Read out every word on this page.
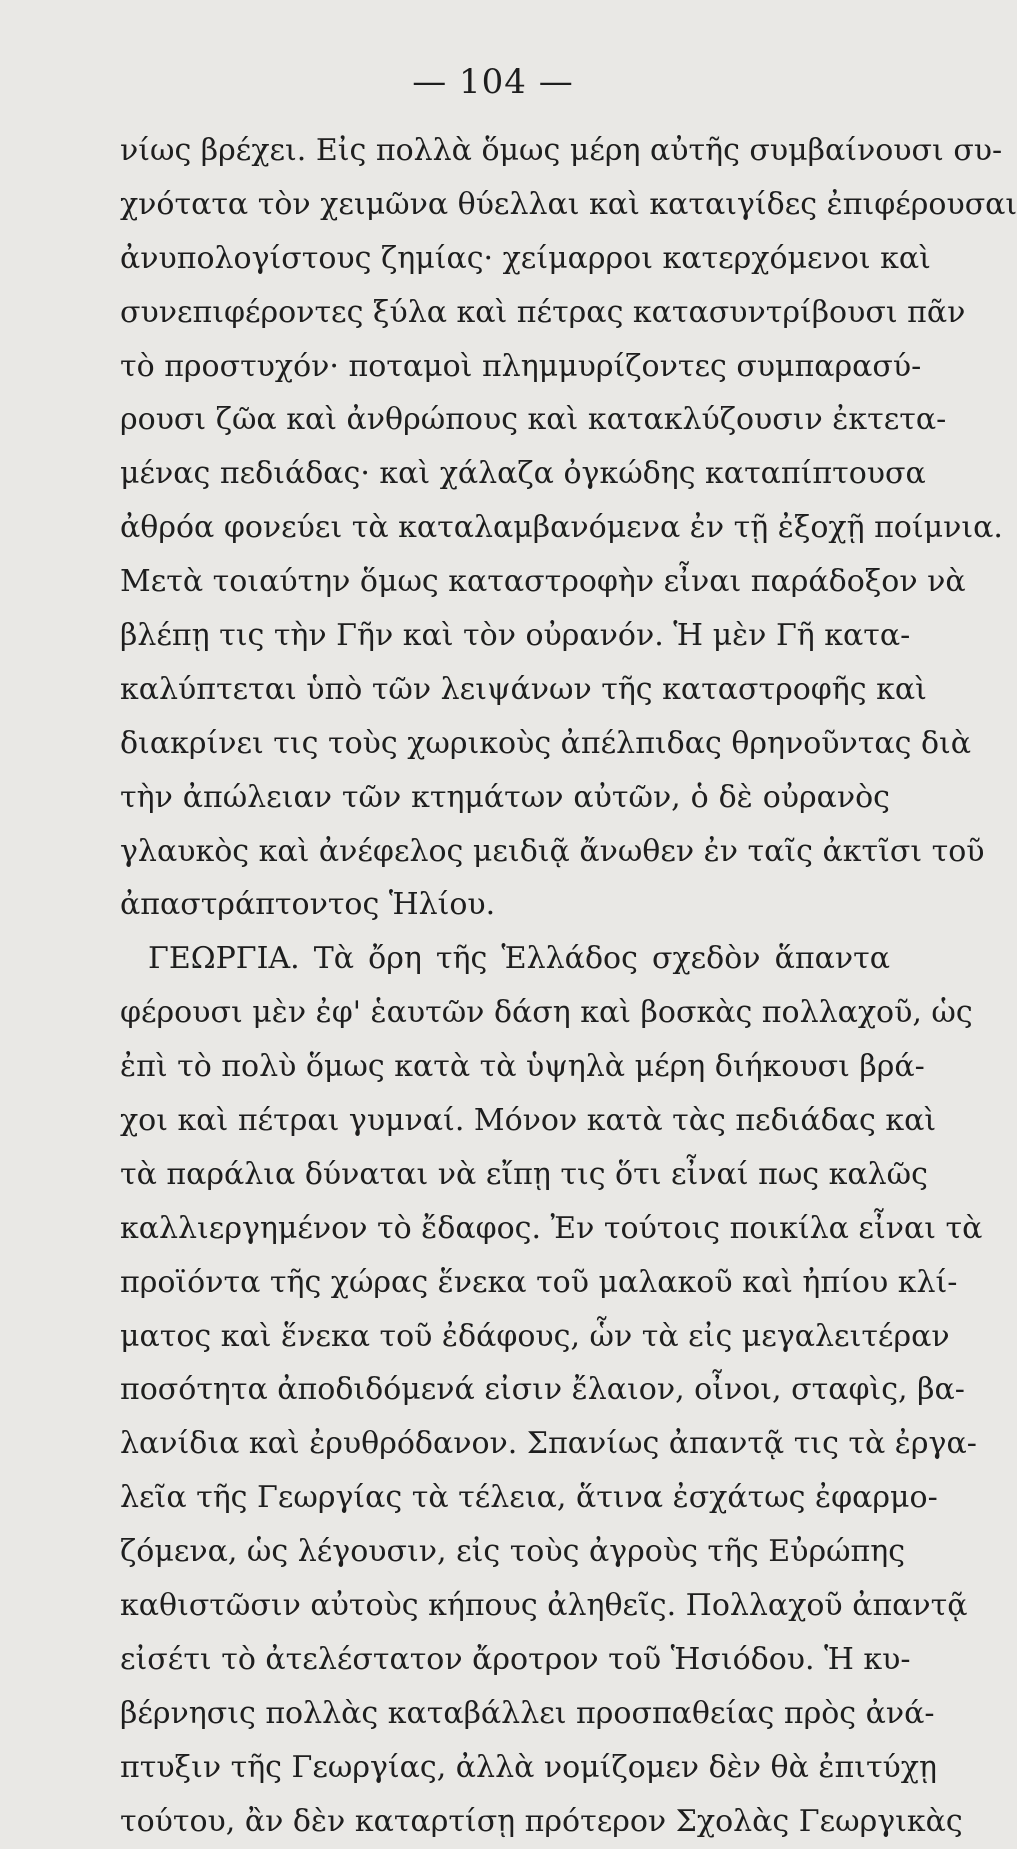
— 104 —
νίως βρέχει. Εἰς πολλὰ ὅμως μέρη αὐτῆς συμβαίνουσι συ-
χνότατα τὸν χειμῶνα θύελλαι καὶ καταιγίδες ἐπιφέρουσαι
ἀνυπολογίστους ζημίας· χείμαρροι κατερχόμενοι καὶ
συνεπιφέροντες ξύλα καὶ πέτρας κατασυντρίβουσι πᾶν
τὸ προστυχόν· ποταμοὶ πλημμυρίζοντες συμπαρασύ-
ρουσι ζῶα καὶ ἀνθρώπους καὶ κατακλύζουσιν ἐκτετα-
μένας πεδιάδας· καὶ χάλαζα ὀγκώδης καταπίπτουσα
ἀθρόα φονεύει τὰ καταλαμβανόμενα ἐν τῇ ἐξοχῇ ποίμνια.
Μετὰ τοιαύτην ὅμως καταστροφὴν εἶναι παράδοξον νὰ
βλέπῃ τις τὴν Γῆν καὶ τὸν οὐρανόν. Ἡ μὲν Γῆ κατα-
καλύπτεται ὑπὸ τῶν λειψάνων τῆς καταστροφῆς καὶ
διακρίνει τις τοὺς χωρικοὺς ἀπέλπιδας θρηνοῦντας διὰ
τὴν ἀπώλειαν τῶν κτημάτων αὐτῶν, ὁ δὲ οὐρανὸς
γλαυκὸς καὶ ἀνέφελος μειδιᾷ ἄνωθεν ἐν ταῖς ἀκτῖσι τοῦ
ἀπαστράπτοντος Ἡλίου.
ΓΕΩΡΓΙΑ. Τὰ ὄρη τῆς Ἑλλάδος σχεδὸν ἅπαντα
φέρουσι μὲν ἐφ' ἑαυτῶν δάση καὶ βοσκὰς πολλαχοῦ, ὡς
ἐπὶ τὸ πολὺ ὅμως κατὰ τὰ ὑψηλὰ μέρη διήκουσι βρά-
χοι καὶ πέτραι γυμναί. Μόνον κατὰ τὰς πεδιάδας καὶ
τὰ παράλια δύναται νὰ εἴπῃ τις ὅτι εἶναί πως καλῶς
καλλιεργημένον τὸ ἔδαφος. Ἐν τούτοις ποικίλα εἶναι τὰ
προϊόντα τῆς χώρας ἕνεκα τοῦ μαλακοῦ καὶ ἠπίου κλί-
ματος καὶ ἕνεκα τοῦ ἐδάφους, ὧν τὰ εἰς μεγαλειτέραν
ποσότητα ἀποδιδόμενά εἰσιν ἔλαιον, οἶνοι, σταφὶς, βα-
λανίδια καὶ ἐρυθρόδανον. Σπανίως ἀπαντᾷ τις τὰ ἐργα-
λεῖα τῆς Γεωργίας τὰ τέλεια, ἅτινα ἐσχάτως ἐφαρμο-
ζόμενα, ὡς λέγουσιν, εἰς τοὺς ἀγροὺς τῆς Εὐρώπης
καθιστῶσιν αὐτοὺς κήπους ἀληθεῖς. Πολλαχοῦ ἀπαντᾷ
εἰσέτι τὸ ἀτελέστατον ἄροτρον τοῦ Ἡσιόδου. Ἡ κυ-
βέρνησις πολλὰς καταβάλλει προσπαθείας πρὸς ἀνά-
πτυξιν τῆς Γεωργίας, ἀλλὰ νομίζομεν δὲν θὰ ἐπιτύχῃ
τούτου, ἂν δὲν καταρτίσῃ πρότερον Σχολὰς Γεωργικὰς
